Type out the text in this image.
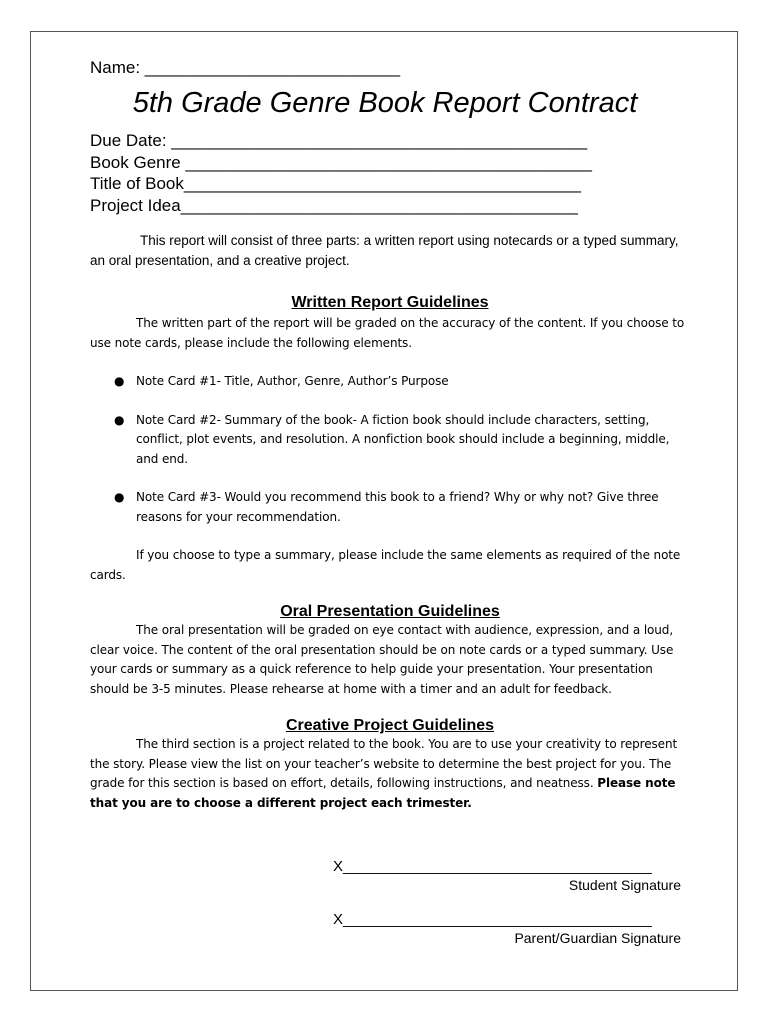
Name: ___________________________
5th Grade Genre Book Report Contract
Due Date: ____________________________________________
Book Genre ___________________________________________
Title of Book__________________________________________
Project Idea__________________________________________
This report will consist of three parts: a written report using notecards or a typed summary, an oral presentation, and a creative project.
Written Report Guidelines
The written part of the report will be graded on the accuracy of the content. If you choose to use note cards, please include the following elements.
● Note Card #1- Title, Author, Genre, Author’s Purpose
● Note Card #2- Summary of the book- A fiction book should include characters, setting, conflict, plot events, and resolution. A nonfiction book should include a beginning, middle, and end.
● Note Card #3- Would you recommend this book to a friend? Why or why not? Give three reasons for your recommendation.
If you choose to type a summary, please include the same elements as required of the note cards.
Oral Presentation Guidelines
The oral presentation will be graded on eye contact with audience, expression, and a loud, clear voice. The content of the oral presentation should be on note cards or a typed summary. Use your cards or summary as a quick reference to help guide your presentation. Your presentation should be 3-5 minutes. Please rehearse at home with a timer and an adult for feedback.
Creative Project Guidelines
The third section is a project related to the book. You are to use your creativity to represent the story. Please view the list on your teacher’s website to determine the best project for you. The grade for this section is based on effort, details, following instructions, and neatness. Please note that you are to choose a different project each trimester.
X_____________________________________
Student Signature
X_____________________________________
Parent/Guardian Signature
